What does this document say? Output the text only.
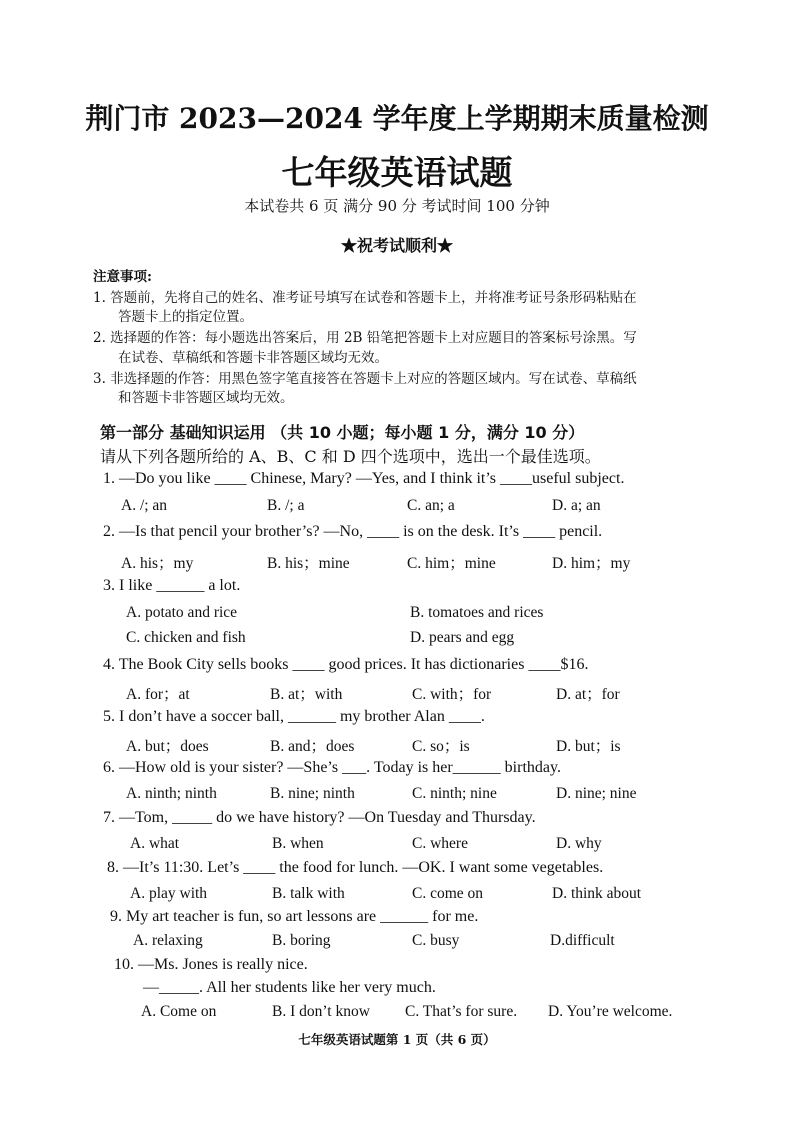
荆门市 2023—2024 学年度上学期期末质量检测
七年级英语试题
本试卷共 6 页 满分 90 分 考试时间 100 分钟
★祝考试顺利★
注意事项:
1. 答题前，先将自己的姓名、准考证号填写在试卷和答题卡上，并将准考证号条形码粘贴在
答题卡上的指定位置。
2. 选择题的作答：每小题选出答案后，用 2B 铅笔把答题卡上对应题目的答案标号涂黑。写
在试卷、草稿纸和答题卡非答题区域均无效。
3. 非选择题的作答：用黑色签字笔直接答在答题卡上对应的答题区域内。写在试卷、草稿纸
和答题卡非答题区域均无效。
第一部分 基础知识运用 （共 10 小题；每小题 1 分，满分 10 分）
请从下列各题所给的 A、B、C 和 D 四个选项中，选出一个最佳选项。
1. —Do you like ____ Chinese, Mary? —Yes, and I think it’s ____useful subject.
A. /; an	B. /; a	C. an; a	D. a; an
2. —Is that pencil your brother’s? —No, ____ is on the desk. It’s ____ pencil.
A. his；my	B. his；mine	C. him；mine	D. him；my
3. I like ______ a lot.
A. potato and rice	B. tomatoes and rices
C. chicken and fish	D. pears and egg
4. The Book City sells books ____ good prices. It has dictionaries ____$16.
A. for；at	B. at；with	C. with；for	D. at；for
5. I don’t have a soccer ball, ______ my brother Alan ____.
A. but；does	B. and；does	C. so；is	D. but；is
6. —How old is your sister? —She’s ___. Today is her______ birthday.
A. ninth; ninth	B. nine; ninth	C. ninth; nine	D. nine; nine
7. —Tom, _____ do we have history? —On Tuesday and Thursday.
A. what	B. when	C. where	D. why
8. —It’s 11:30. Let’s ____ the food for lunch. —OK. I want some vegetables.
A. play with	B. talk with	C. come on	D. think about
9. My art teacher is fun, so art lessons are ______ for me.
A. relaxing	B. boring	C. busy	D.difficult
10. —Ms. Jones is really nice.
—_____. All her students like her very much.
A. Come on	B. I don’t know C. That’s for sure. D. You’re welcome.
七年级英语试题第 1 页（共 6 页）
